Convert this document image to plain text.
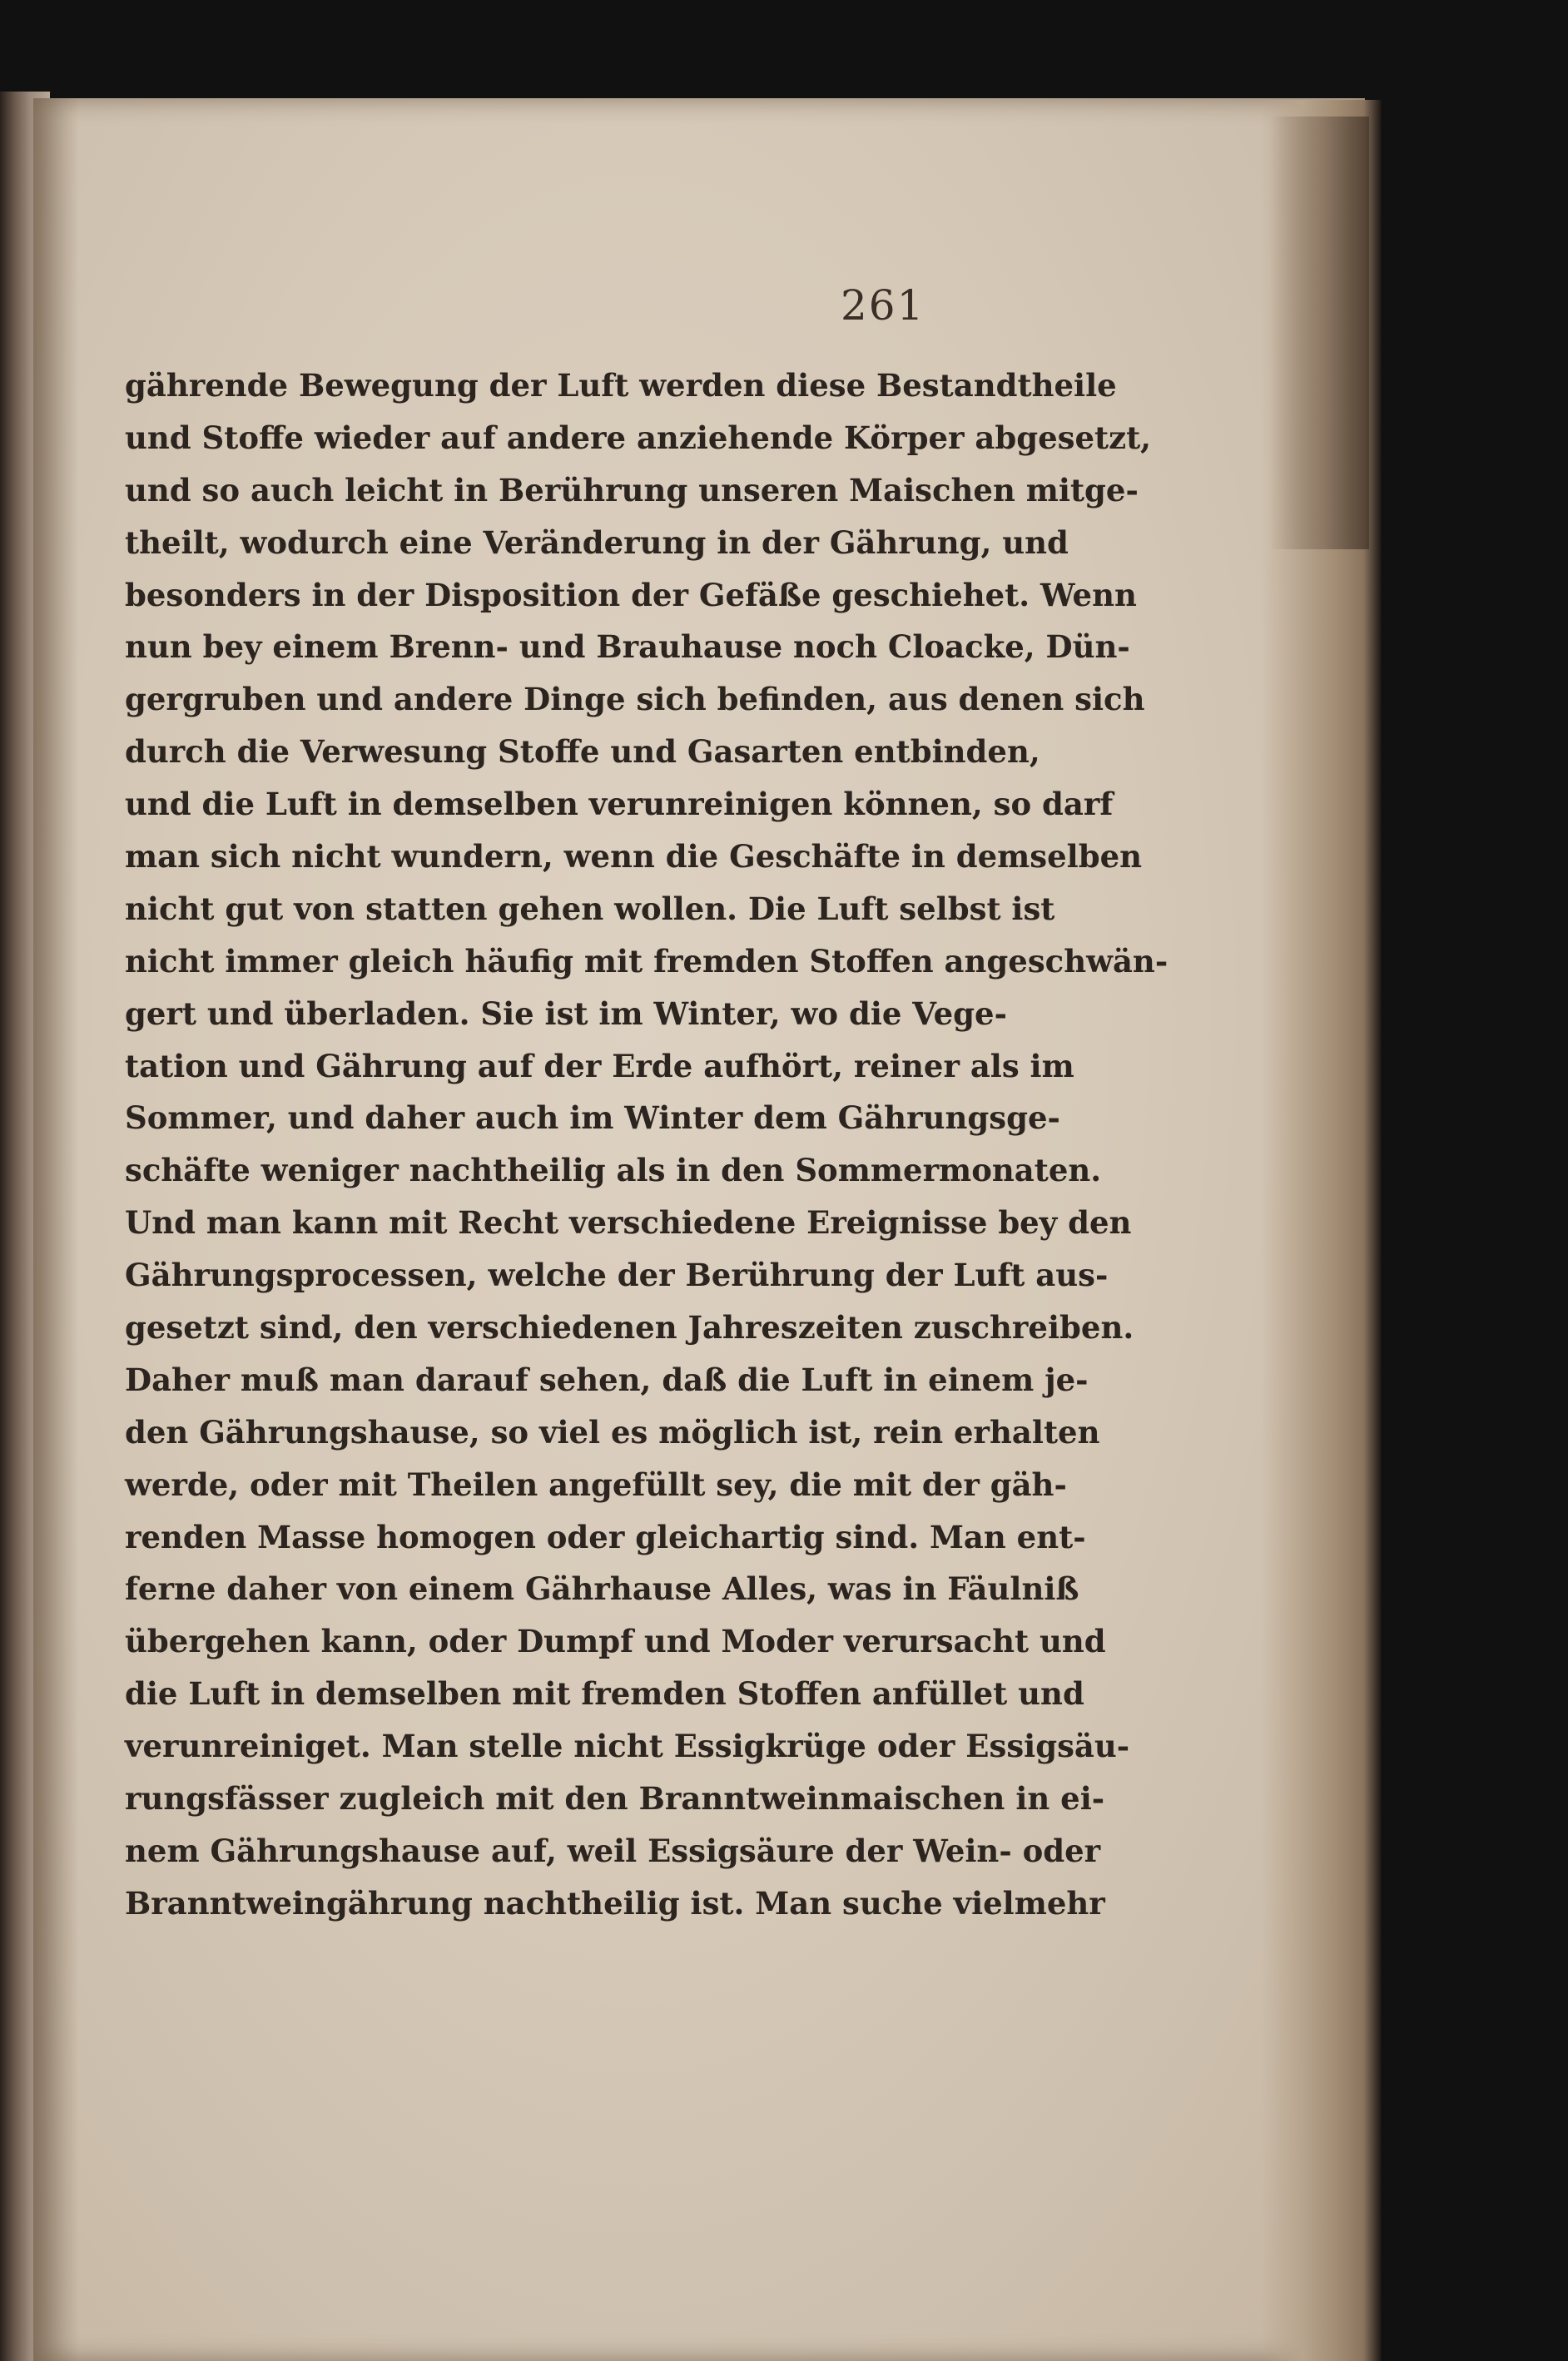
261
gährende Bewegung der Luft werden diese Bestandtheile
und Stoffe wieder auf andere anziehende Körper abgesetzt,
und so auch leicht in Berührung unseren Maischen mitge-
theilt, wodurch eine Veränderung in der Gährung, und
besonders in der Disposition der Gefäße geschiehet. Wenn
nun bey einem Brenn- und Brauhause noch Cloacke, Dün-
gergruben und andere Dinge sich befinden, aus denen sich
durch die Verwesung Stoffe und Gasarten entbinden,
und die Luft in demselben verunreinigen können, so darf
man sich nicht wundern, wenn die Geschäfte in demselben
nicht gut von statten gehen wollen. Die Luft selbst ist
nicht immer gleich häufig mit fremden Stoffen angeschwän-
gert und überladen. Sie ist im Winter, wo die Vege-
tation und Gährung auf der Erde aufhört, reiner als im
Sommer, und daher auch im Winter dem Gährungsge-
schäfte weniger nachtheilig als in den Sommermonaten.
Und man kann mit Recht verschiedene Ereignisse bey den
Gährungsprocessen, welche der Berührung der Luft aus-
gesetzt sind, den verschiedenen Jahreszeiten zuschreiben.
Daher muß man darauf sehen, daß die Luft in einem je-
den Gährungshause, so viel es möglich ist, rein erhalten
werde, oder mit Theilen angefüllt sey, die mit der gäh-
renden Masse homogen oder gleichartig sind. Man ent-
ferne daher von einem Gährhause Alles, was in Fäulniß
übergehen kann, oder Dumpf und Moder verursacht und
die Luft in demselben mit fremden Stoffen anfüllet und
verunreiniget. Man stelle nicht Essigkrüge oder Essigsäu-
rungsfässer zugleich mit den Branntweinmaischen in ei-
nem Gährungshause auf, weil Essigsäure der Wein- oder
Branntweingährung nachtheilig ist. Man suche vielmehr
